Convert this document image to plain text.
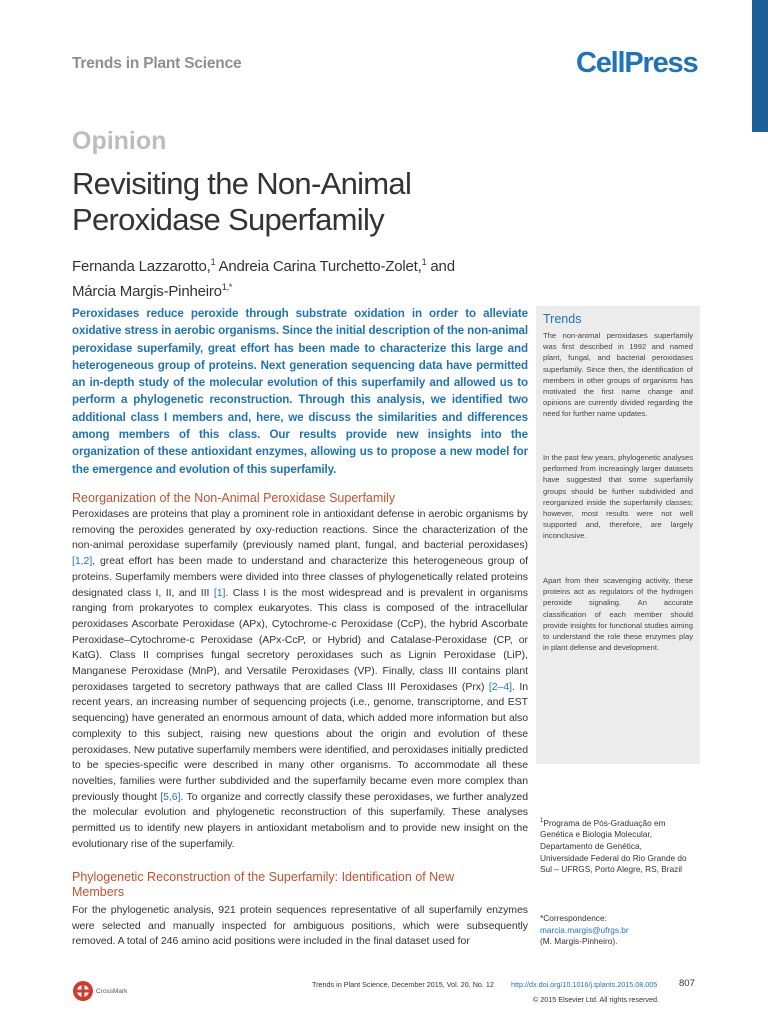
Trends in Plant Science	CellPress
Opinion
Revisiting the Non-Animal Peroxidase Superfamily
Fernanda Lazzarotto,$^1$ Andreia Carina Turchetto-Zolet,$^1$ and
Márcia Margis-Pinheiro$^{1,*}$

Peroxidases reduce peroxide through substrate oxidation in order to alleviate oxidative stress in aerobic organisms. Since the initial description of the non-animal peroxidase superfamily, great effort has been made to characterize this large and heterogeneous group of proteins. Next generation sequencing data have permitted an in-depth study of the molecular evolution of this superfamily and allowed us to perform a phylogenetic reconstruction. Through this analysis, we identified two additional class I members and, here, we discuss the similarities and differences among members of this class. Our results provide new insights into the organization of these antioxidant enzymes, allowing us to propose a new model for the emergence and evolution of this superfamily.

Reorganization of the Non-Animal Peroxidase Superfamily

Peroxidases are proteins that play a prominent role in antioxidant defense in aerobic organisms by removing the peroxides generated by oxy-reduction reactions. Since the characterization of the non-animal peroxidase superfamily (previously named plant, fungal, and bacterial peroxidases) [1,2], great effort has been made to understand and characterize this heterogeneous group of proteins. Superfamily members were divided into three classes of phylogenetically related proteins designated class I, II, and III [1]. Class I is the most widespread and is prevalent in organisms ranging from prokaryotes to complex eukaryotes. This class is composed of the intracellular peroxidases Ascorbate Peroxidase (APx), Cytochrome-c Peroxidase (CcP), the hybrid Ascorbate Peroxidase–Cytochrome-c Peroxidase (APx-CcP, or Hybrid) and Catalase-Peroxidase (CP, or KatG). Class II comprises fungal secretory peroxidases such as Lignin Peroxidase (LiP), Manganese Peroxidase (MnP), and Versatile Peroxidases (VP). Finally, class III contains plant peroxidases targeted to secretory pathways that are called Class III Peroxidases (Prx) [2–4]. In recent years, an increasing number of sequencing projects (i.e., genome, transcriptome, and EST sequencing) have generated an enormous amount of data, which added more information but also complexity to this subject, raising new questions about the origin and evolution of these peroxidases. New putative superfamily members were identified, and peroxidases initially predicted to be species-specific were described in many other organisms. To accommodate all these novelties, families were further subdivided and the superfamily became even more complex than previously thought [5,6]. To organize and correctly classify these peroxidases, we further analyzed the molecular evolution and phylogenetic reconstruction of this superfamily. These analyses permitted us to identify new players in antioxidant metabolism and to provide new insight on the evolutionary rise of the superfamily.

Phylogenetic Reconstruction of the Superfamily: Identification of New Members

For the phylogenetic analysis, 921 protein sequences representative of all superfamily enzymes were selected and manually inspected for ambiguous positions, which were subsequently removed. A total of 246 amino acid positions were included in the final dataset used for

Trends

The non-animal peroxidases superfamily was first described in 1992 and named plant, fungal, and bacterial peroxidases superfamily. Since then, the identification of members in other groups of organisms has motivated the first name change and opinions are currently divided regarding the need for further name updates.

In the past few years, phylogenetic analyses performed from increasingly larger datasets have suggested that some superfamily groups should be further subdivided and reorganized inside the superfamily classes; however, most results were not well supported and, therefore, are largely inconclusive.

Apart from their scavenging activity, these proteins act as regulators of the hydrogen peroxide signaling. An accurate classification of each member should provide insights for functional studies aiming to understand the role these enzymes play in plant defense and development.

$^1$Programa de Pós-Graduação em Genética e Biologia Molecular, Departamento de Genética, Universidade Federal do Rio Grande do Sul – UFRGS, Porto Alegre, RS, Brazil

*Correspondence:
marcia.margis@ufrgs.br
(M. Margis-Pinheiro).

CrossMark
Trends in Plant Science, December 2015, Vol. 20, No. 12 http://dx.doi.org/10.1016/j.tplants.2015.08.005 807
© 2015 Elsevier Ltd. All rights reserved.
